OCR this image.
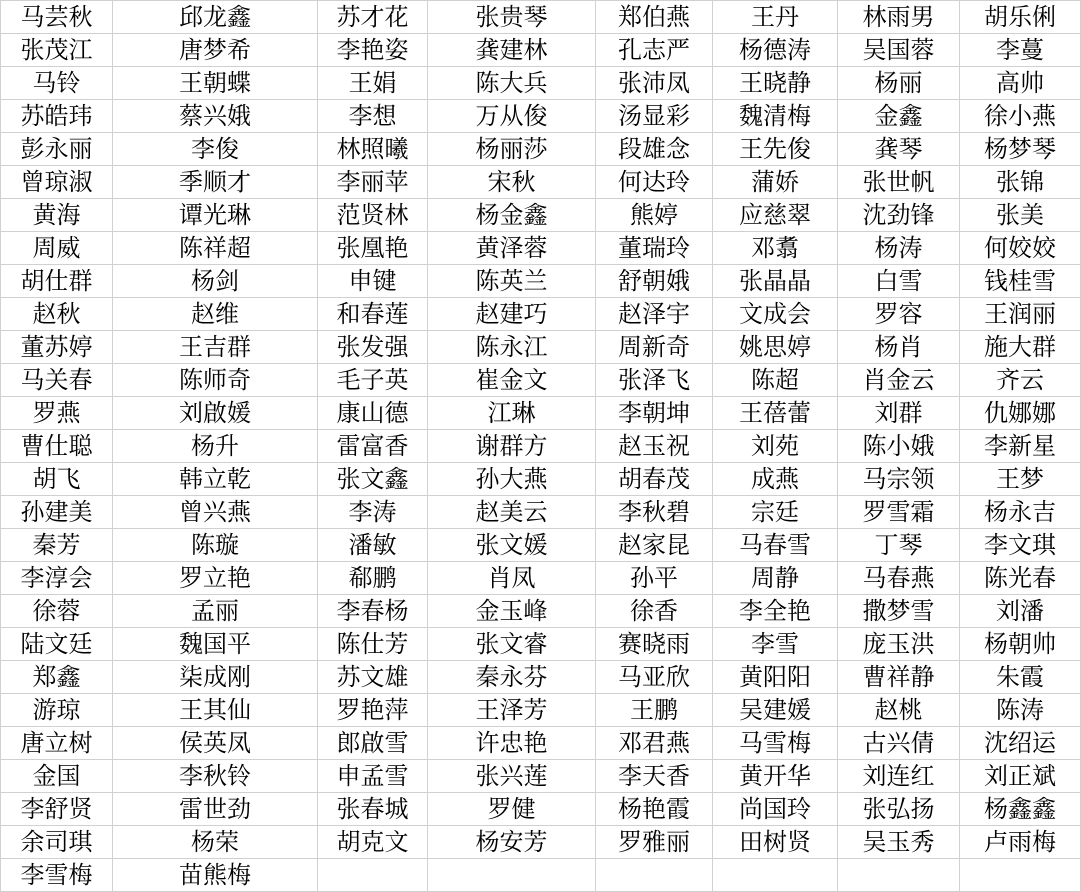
马芸秋	邱龙鑫	苏才花	张贵琴	郑伯燕	王丹	林雨男	胡乐俐
张茂江	唐梦希	李艳姿	龚建林	孔志严	杨德涛	吴国蓉	李蔓
马铃	王朝蝶	王娟	陈大兵	张沛凤	王晓静	杨丽	高帅
苏皓玮	蔡兴娥	李想	万从俊	汤显彩	魏清梅	金鑫	徐小燕
彭永丽	李俊	林照曦	杨丽莎	段雄念	王先俊	龚琴	杨梦琴
曾琼淑	季顺才	李丽苹	宋秋	何达玲	蒲娇	张世帆	张锦
黄海	谭光琳	范贤林	杨金鑫	熊婷	应慈翠	沈劲锋	张美
周威	陈祥超	张凰艳	黄泽蓉	董瑞玲	邓翥	杨涛	何姣姣
胡仕群	杨剑	申键	陈英兰	舒朝娥	张晶晶	白雪	钱桂雪
赵秋	赵维	和春莲	赵建巧	赵泽宇	文成会	罗容	王润丽
董苏婷	王吉群	张发强	陈永江	周新奇	姚思婷	杨肖	施大群
马关春	陈师奇	毛子英	崔金文	张泽飞	陈超	肖金云	齐云
罗燕	刘啟媛	康山德	江琳	李朝坤	王蓓蕾	刘群	仇娜娜
曹仕聪	杨升	雷富香	谢群方	赵玉祝	刘苑	陈小娥	李新星
胡飞	韩立乾	张文鑫	孙大燕	胡春茂	成燕	马宗领	王梦
孙建美	曾兴燕	李涛	赵美云	李秋碧	宗廷	罗雪霜	杨永吉
秦芳	陈璇	潘敏	张文媛	赵家昆	马春雪	丁琴	李文琪
李淳会	罗立艳	郗鹏	肖凤	孙平	周静	马春燕	陈光春
徐蓉	孟丽	李春杨	金玉峰	徐香	李全艳	撒梦雪	刘潘
陆文廷	魏国平	陈仕芳	张文睿	赛晓雨	李雪	庞玉洪	杨朝帅
郑鑫	柒成刚	苏文雄	秦永芬	马亚欣	黄阳阳	曹祥静	朱霞
游琼	王其仙	罗艳萍	王泽芳	王鹏	吴建媛	赵桃	陈涛
唐立树	侯英凤	郎啟雪	许忠艳	邓君燕	马雪梅	古兴倩	沈绍运
金国	李秋铃	申孟雪	张兴莲	李天香	黄开华	刘连红	刘正斌
李舒贤	雷世劲	张春城	罗健	杨艳霞	尚国玲	张弘扬	杨鑫鑫
余司琪	杨荣	胡克文	杨安芳	罗雅丽	田树贤	吴玉秀	卢雨梅
李雪梅	苗熊梅						
